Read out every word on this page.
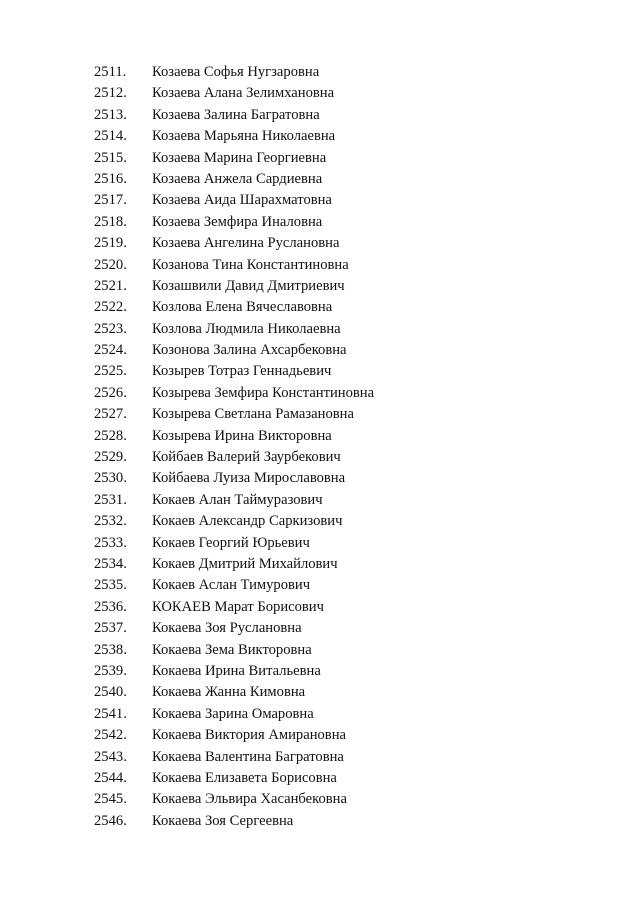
2511.	Козаева Софья Нугзаровна
2512.	Козаева Алана Зелимхановна
2513.	Козаева Залина Багратовна
2514.	Козаева Марьяна Николаевна
2515.	Козаева Марина Георгиевна
2516.	Козаева Анжела Сардиевна
2517.	Козаева Аида Шарахматовна
2518.	Козаева Земфира Иналовна
2519.	Козаева Ангелина Руслановна
2520.	Козанова Тина Константиновна
2521.	Козашвили Давид Дмитриевич
2522.	Козлова Елена Вячеславовна
2523.	Козлова Людмила Николаевна
2524.	Козонова Залина Ахсарбековна
2525.	Козырев Тотраз Геннадьевич
2526.	Козырева Земфира Константиновна
2527.	Козырева Светлана Рамазановна
2528.	Козырева Ирина Викторовна
2529.	Койбаев Валерий Заурбекович
2530.	Койбаева Луиза Мирославовна
2531.	Кокаев Алан Таймуразович
2532.	Кокаев Александр Саркизович
2533.	Кокаев Георгий Юрьевич
2534.	Кокаев Дмитрий Михайлович
2535.	Кокаев Аслан Тимурович
2536.	КОКАЕВ Марат Борисович
2537.	Кокаева Зоя Руслановна
2538.	Кокаева Зема Викторовна
2539.	Кокаева Ирина Витальевна
2540.	Кокаева Жанна Кимовна
2541.	Кокаева Зарина Омаровна
2542.	Кокаева Виктория Амирановна
2543.	Кокаева Валентина Багратовна
2544.	Кокаева Елизавета Борисовна
2545.	Кокаева Эльвира Хасанбековна
2546.	Кокаева Зоя Сергеевна
